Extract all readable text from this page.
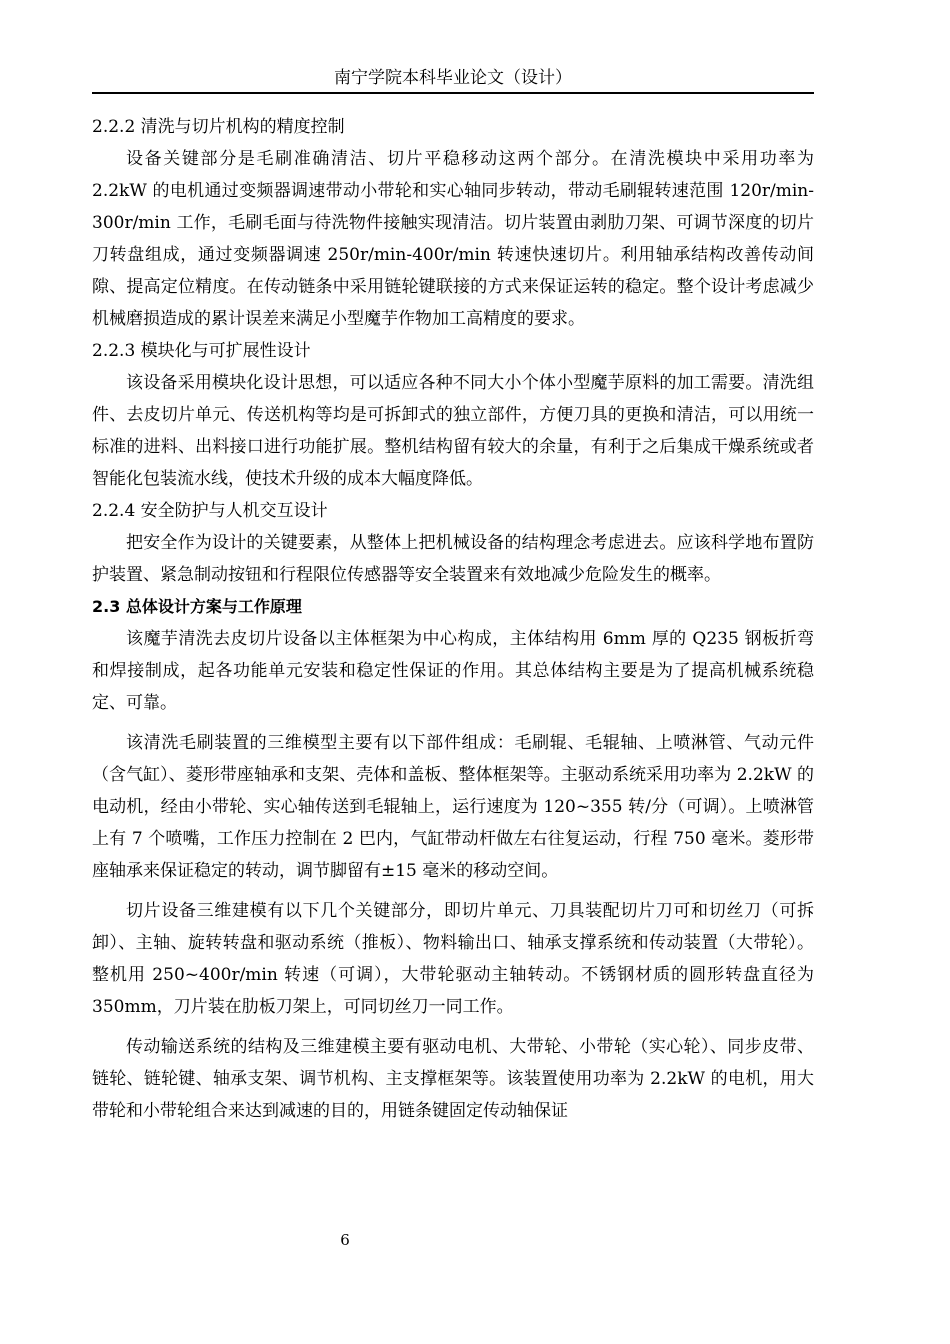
南宁学院本科毕业论文（设计）

2.2.2 清洗与切片机构的精度控制

设备关键部分是毛刷准确清洁、切片平稳移动这两个部分。在清洗模块中采用功率为 2.2kW 的电机通过变频器调速带动小带轮和实心轴同步转动，带动毛刷辊转速范围 120r/min-300r/min 工作，毛刷毛面与待洗物件接触实现清洁。切片装置由剥肋刀架、可调节深度的切片刀转盘组成，通过变频器调速 250r/min-400r/min 转速快速切片。利用轴承结构改善传动间隙、提高定位精度。在传动链条中采用链轮键联接的方式来保证运转的稳定。整个设计考虑减少机械磨损造成的累计误差来满足小型魔芋作物加工高精度的要求。

2.2.3 模块化与可扩展性设计

该设备采用模块化设计思想，可以适应各种不同大小个体小型魔芋原料的加工需要。清洗组件、去皮切片单元、传送机构等均是可拆卸式的独立部件，方便刀具的更换和清洁，可以用统一标准的进料、出料接口进行功能扩展。整机结构留有较大的余量，有利于之后集成干燥系统或者智能化包装流水线，使技术升级的成本大幅度降低。

2.2.4 安全防护与人机交互设计

把安全作为设计的关键要素，从整体上把机械设备的结构理念考虑进去。应该科学地布置防护装置、紧急制动按钮和行程限位传感器等安全装置来有效地减少危险发生的概率。

2.3 总体设计方案与工作原理

该魔芋清洗去皮切片设备以主体框架为中心构成，主体结构用 6mm 厚的 Q235 钢板折弯和焊接制成，起各功能单元安装和稳定性保证的作用。其总体结构主要是为了提高机械系统稳定、可靠。

该清洗毛刷装置的三维模型主要有以下部件组成：毛刷辊、毛辊轴、上喷淋管、气动元件（含气缸）、菱形带座轴承和支架、壳体和盖板、整体框架等。主驱动系统采用功率为 2.2kW 的电动机，经由小带轮、实心轴传送到毛辊轴上，运行速度为 120~355 转/分（可调）。上喷淋管上有 7 个喷嘴，工作压力控制在 2 巴内，气缸带动杆做左右往复运动，行程 750 毫米。菱形带座轴承来保证稳定的转动，调节脚留有±15 毫米的移动空间。

切片设备三维建模有以下几个关键部分，即切片单元、刀具装配切片刀可和切丝刀（可拆卸）、主轴、旋转转盘和驱动系统（推板）、物料输出口、轴承支撑系统和传动装置（大带轮）。整机用 250~400r/min 转速（可调），大带轮驱动主轴转动。不锈钢材质的圆形转盘直径为 350mm，刀片装在肋板刀架上，可同切丝刀一同工作。

传动输送系统的结构及三维建模主要有驱动电机、大带轮、小带轮（实心轮）、同步皮带、链轮、链轮键、轴承支架、调节机构、主支撑框架等。该装置使用功率为 2.2kW 的电机，用大带轮和小带轮组合来达到减速的目的，用链条键固定传动轴保证

6
